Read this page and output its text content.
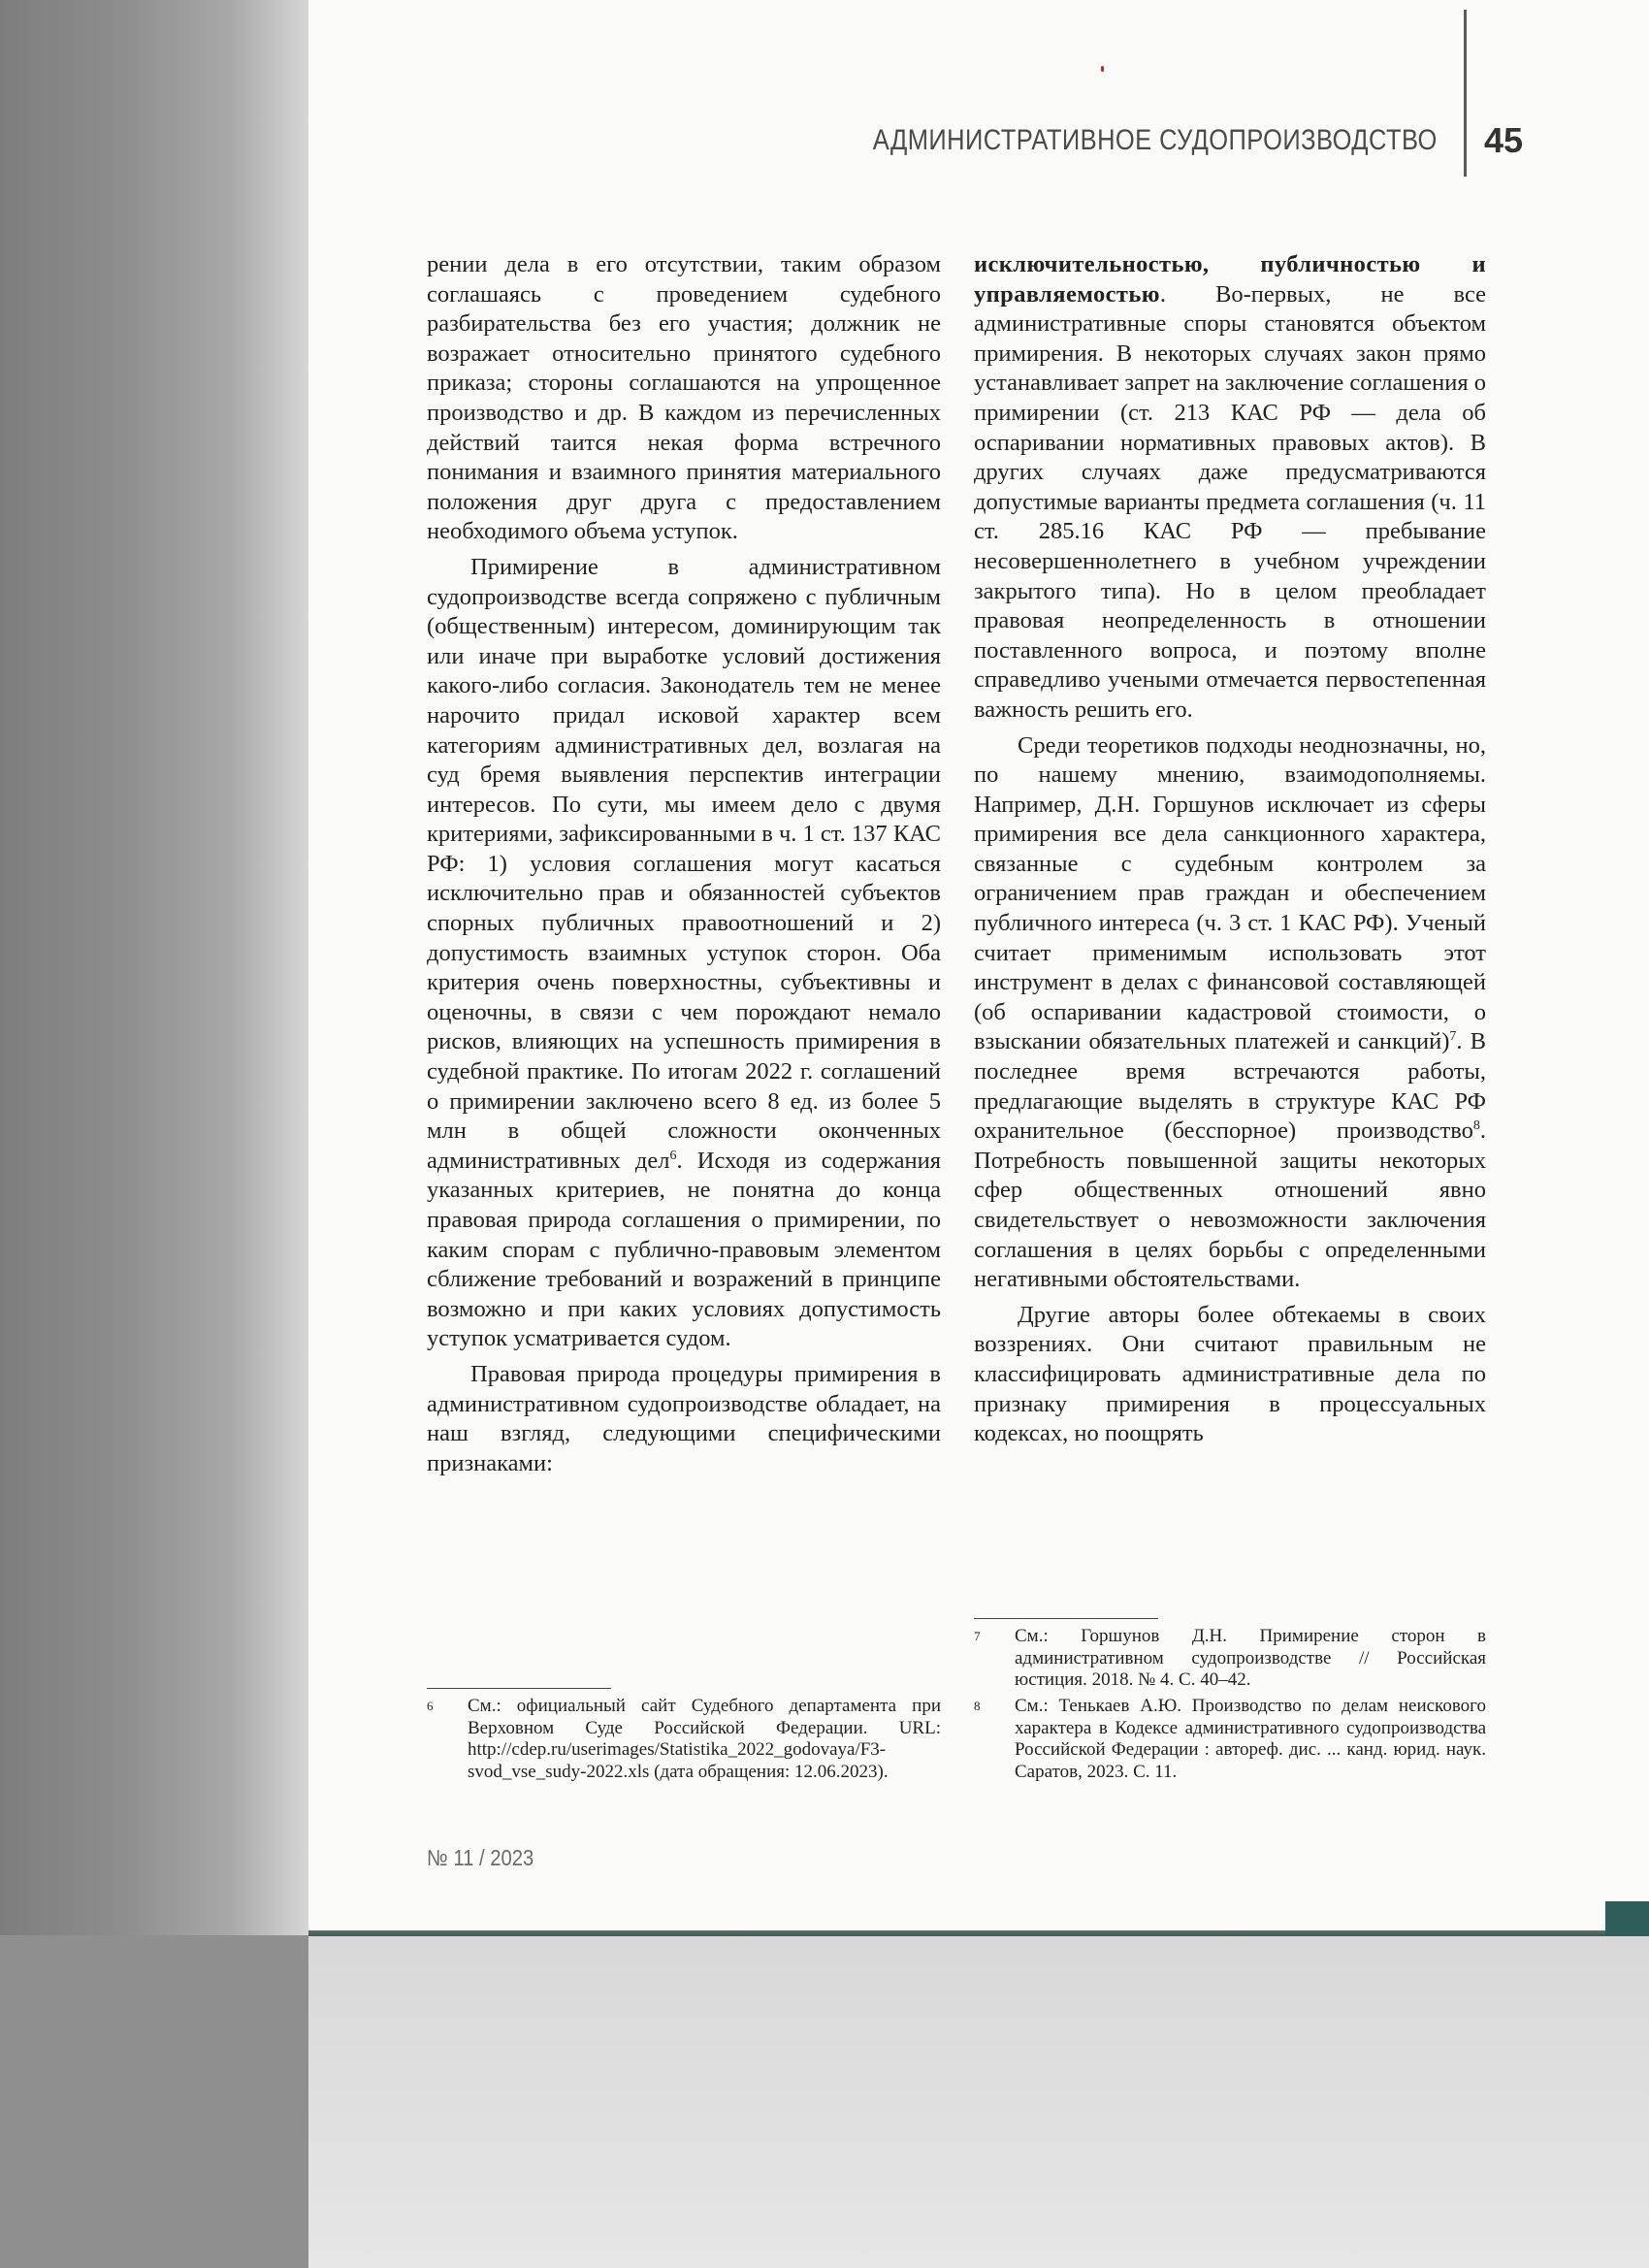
АДМИНИСТРАТИВНОЕ СУДОПРОИЗВОДСТВО 45

рении дела в его отсутствии, таким образом соглашаясь с проведением судебного разбирательства без его участия; должник не возражает относительно принятого судебного приказа; стороны соглашаются на упрощенное производство и др. В каждом из перечисленных действий таится некая форма встречного понимания и взаимного принятия материального положения друг друга с предоставлением необходимого объема уступок.

Примирение в административном судопроизводстве всегда сопряжено с публичным (общественным) интересом, доминирующим так или иначе при выработке условий достижения какого-либо согласия. Законодатель тем не менее нарочито придал исковой характер всем категориям административных дел, возлагая на суд бремя выявления перспектив интеграции интересов. По сути, мы имеем дело с двумя критериями, зафиксированными в ч. 1 ст. 137 КАС РФ: 1) условия соглашения могут касаться исключительно прав и обязанностей субъектов спорных публичных правоотношений и 2) допустимость взаимных уступок сторон. Оба критерия очень поверхностны, субъективны и оценочны, в связи с чем порождают немало рисков, влияющих на успешность примирения в судебной практике. По итогам 2022 г. соглашений о примирении заключено всего 8 ед. из более 5 млн в общей сложности оконченных административных дел$^6$. Исходя из содержания указанных критериев, не понятна до конца правовая природа соглашения о примирении, по каким спорам с публично-правовым элементом сближение требований и возражений в принципе возможно и при каких условиях допустимость уступок усматривается судом.

Правовая природа процедуры примирения в административном судопроизводстве обладает, на наш взгляд, следующими специфическими признаками:

6	См.: официальный сайт Судебного департамента при Верховном Суде Российской Федерации. URL: http://cdep.ru/userimages/Statistika_2022_godovaya/F3-svod_vse_sudy-2022.xls (дата обращения: 12.06.2023).

исключительностью, публичностью и управляемостью. Во-первых, не все административные споры становятся объектом примирения. В некоторых случаях закон прямо устанавливает запрет на заключение соглашения о примирении (ст. 213 КАС РФ — дела об оспаривании нормативных правовых актов). В других случаях даже предусматриваются допустимые варианты предмета соглашения (ч. 11 ст. 285.16 КАС РФ — пребывание несовершеннолетнего в учебном учреждении закрытого типа). Но в целом преобладает правовая неопределенность в отношении поставленного вопроса, и поэтому вполне справедливо учеными отмечается первостепенная важность решить его.

Среди теоретиков подходы неоднозначны, но, по нашему мнению, взаимодополняемы. Например, Д.Н. Горшунов исключает из сферы примирения все дела санкционного характера, связанные с судебным контролем за ограничением прав граждан и обеспечением публичного интереса (ч. 3 ст. 1 КАС РФ). Ученый считает применимым использовать этот инструмент в делах с финансовой составляющей (об оспаривании кадастровой стоимости, о взыскании обязательных платежей и санкций)$^7$. В последнее время встречаются работы, предлагающие выделять в структуре КАС РФ охранительное (бесспорное) производство$^8$. Потребность повышенной защиты некоторых сфер общественных отношений явно свидетельствует о невозможности заключения соглашения в целях борьбы с определенными негативными обстоятельствами.

Другие авторы более обтекаемы в своих воззрениях. Они считают правильным не классифицировать административные дела по признаку примирения в процессуальных кодексах, но поощрять

7	См.: Горшунов Д.Н. Примирение сторон в административном судопроизводстве // Российская юстиция. 2018. № 4. С. 40–42.
8	См.: Тенькаев А.Ю. Производство по делам неискового характера в Кодексе административного судопроизводства Российской Федерации : автореф. дис. ... канд. юрид. наук. Саратов, 2023. С. 11.
№ 11 / 2023
